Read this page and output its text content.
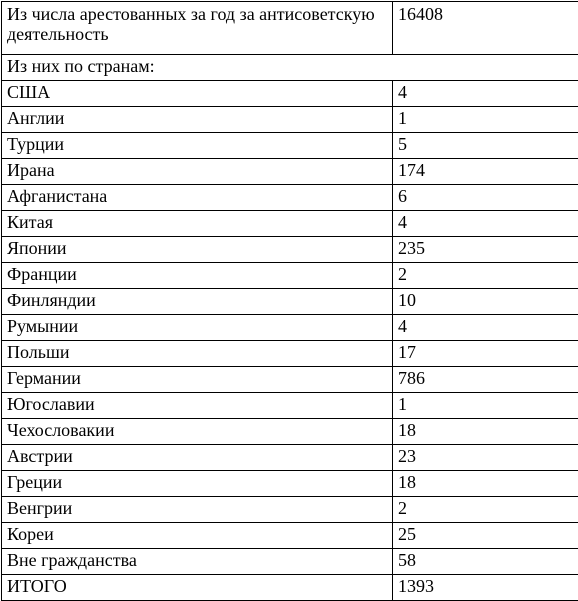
Из числа арестованных за год за антисоветскую деятельность	16408
Из них по странам:	
США	4
Англии	1
Турции	5
Ирана	174
Афганистана	6
Китая	4
Японии	235
Франции	2
Финляндии	10
Румынии	4
Польши	17
Германии	786
Югославии	1
Чехословакии	18
Австрии	23
Греции	18
Венгрии	2
Кореи	25
Вне гражданства	58
ИТОГО	1393
